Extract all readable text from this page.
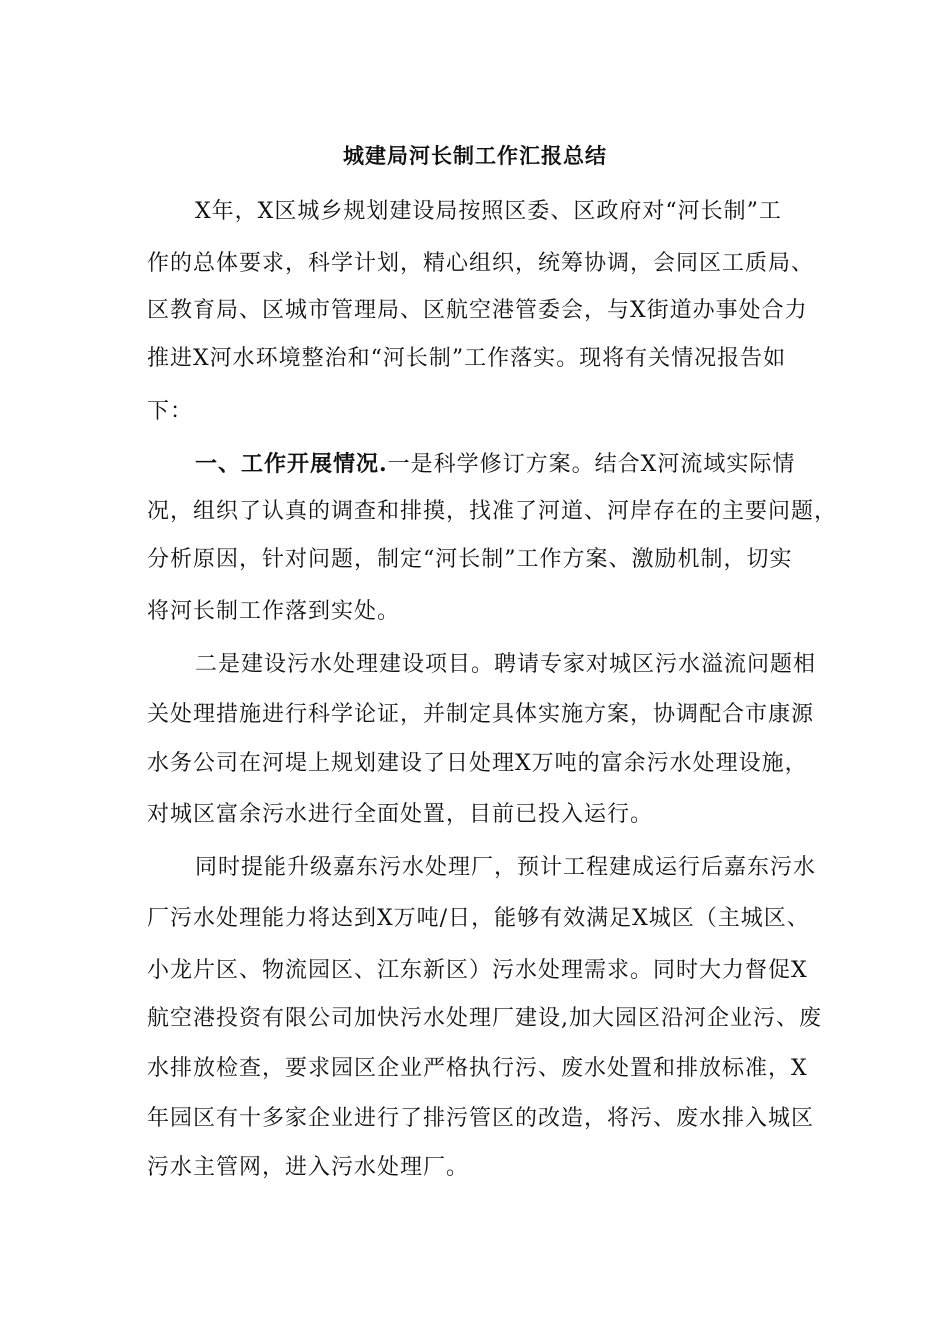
城建局河长制工作汇报总结
X年，X区城乡规划建设局按照区委、区政府对“河长制”工
作的总体要求，科学计划，精心组织，统筹协调，会同区工质局、
区教育局、区城市管理局、区航空港管委会，与X街道办事处合力
推进X河水环境整治和“河长制”工作落实。现将有关情况报告如
下：
一、工作开展情况.一是科学修订方案。结合X河流域实际情
况，组织了认真的调查和排摸，找准了河道、河岸存在的主要问题，
分析原因，针对问题，制定“河长制”工作方案、激励机制，切实
将河长制工作落到实处。
二是建设污水处理建设项目。聘请专家对城区污水溢流问题相
关处理措施进行科学论证，并制定具体实施方案，协调配合市康源
水务公司在河堤上规划建设了日处理X万吨的富余污水处理设施，
对城区富余污水进行全面处置，目前已投入运行。
同时提能升级嘉东污水处理厂，预计工程建成运行后嘉东污水
厂污水处理能力将达到X万吨/日，能够有效满足X城区（主城区、
小龙片区、物流园区、江东新区）污水处理需求。同时大力督促X
航空港投资有限公司加快污水处理厂建设,加大园区沿河企业污、废
水排放检查，要求园区企业严格执行污、废水处置和排放标准，X
年园区有十多家企业进行了排污管区的改造，将污、废水排入城区
污水主管网，进入污水处理厂。
